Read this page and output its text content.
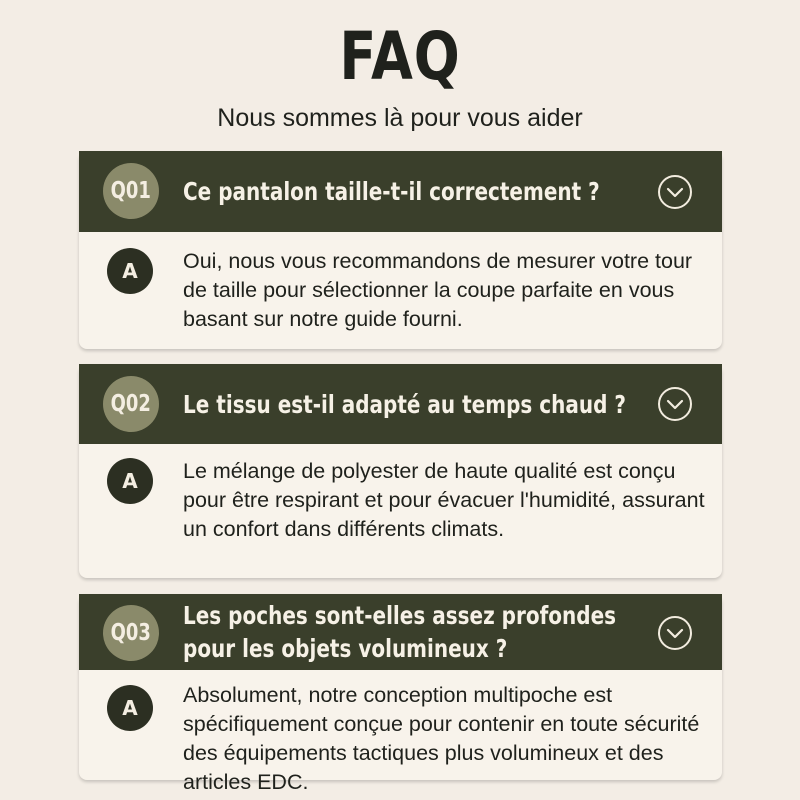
FAQ
Nous sommes là pour vous aider
Q01 Ce pantalon taille-t-il correctement ?
A	Oui, nous vous recommandons de mesurer votre tour de taille pour sélectionner la coupe parfaite en vous basant sur notre guide fourni.
Q02 Le tissu est-il adapté au temps chaud ?
A	Le mélange de polyester de haute qualité est conçu pour être respirant et pour évacuer l'humidité, assurant un confort dans différents climats.
Q03
Les poches sont-elles assez profondes pour les objets volumineux ?
A
Absolument, notre conception multipoche est spécifiquement conçue pour contenir en toute sécurité des équipements tactiques plus volumineux et des articles EDC.
